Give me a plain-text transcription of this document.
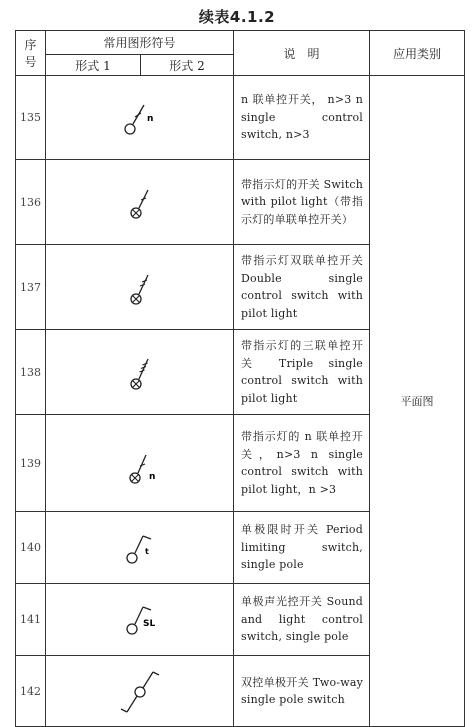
续表4.1.2
序
号	常用图形符号		说　明	应用类别
	形式 1	形式 2		
135	n		n 联单控开关， n>3 n single control switch, n>3	平面图
136			带指示灯的开关 Switch with pilot light（带指示灯的单联单控开关）	
137			带指示灯双联单控开关 Double single control switch with pilot light	
138			带指示灯的三联单控开关 Triple single control switch with pilot light	
139	n		带指示灯的 n 联单控开关，n>3 n single control switch with pilot light，n >3	
140	t		单极限时开关 Period limiting switch, single pole	
141	SL		单极声光控开关 Sound and light control switch, single pole	
142			双控单极开关 Two-way single pole switch	
